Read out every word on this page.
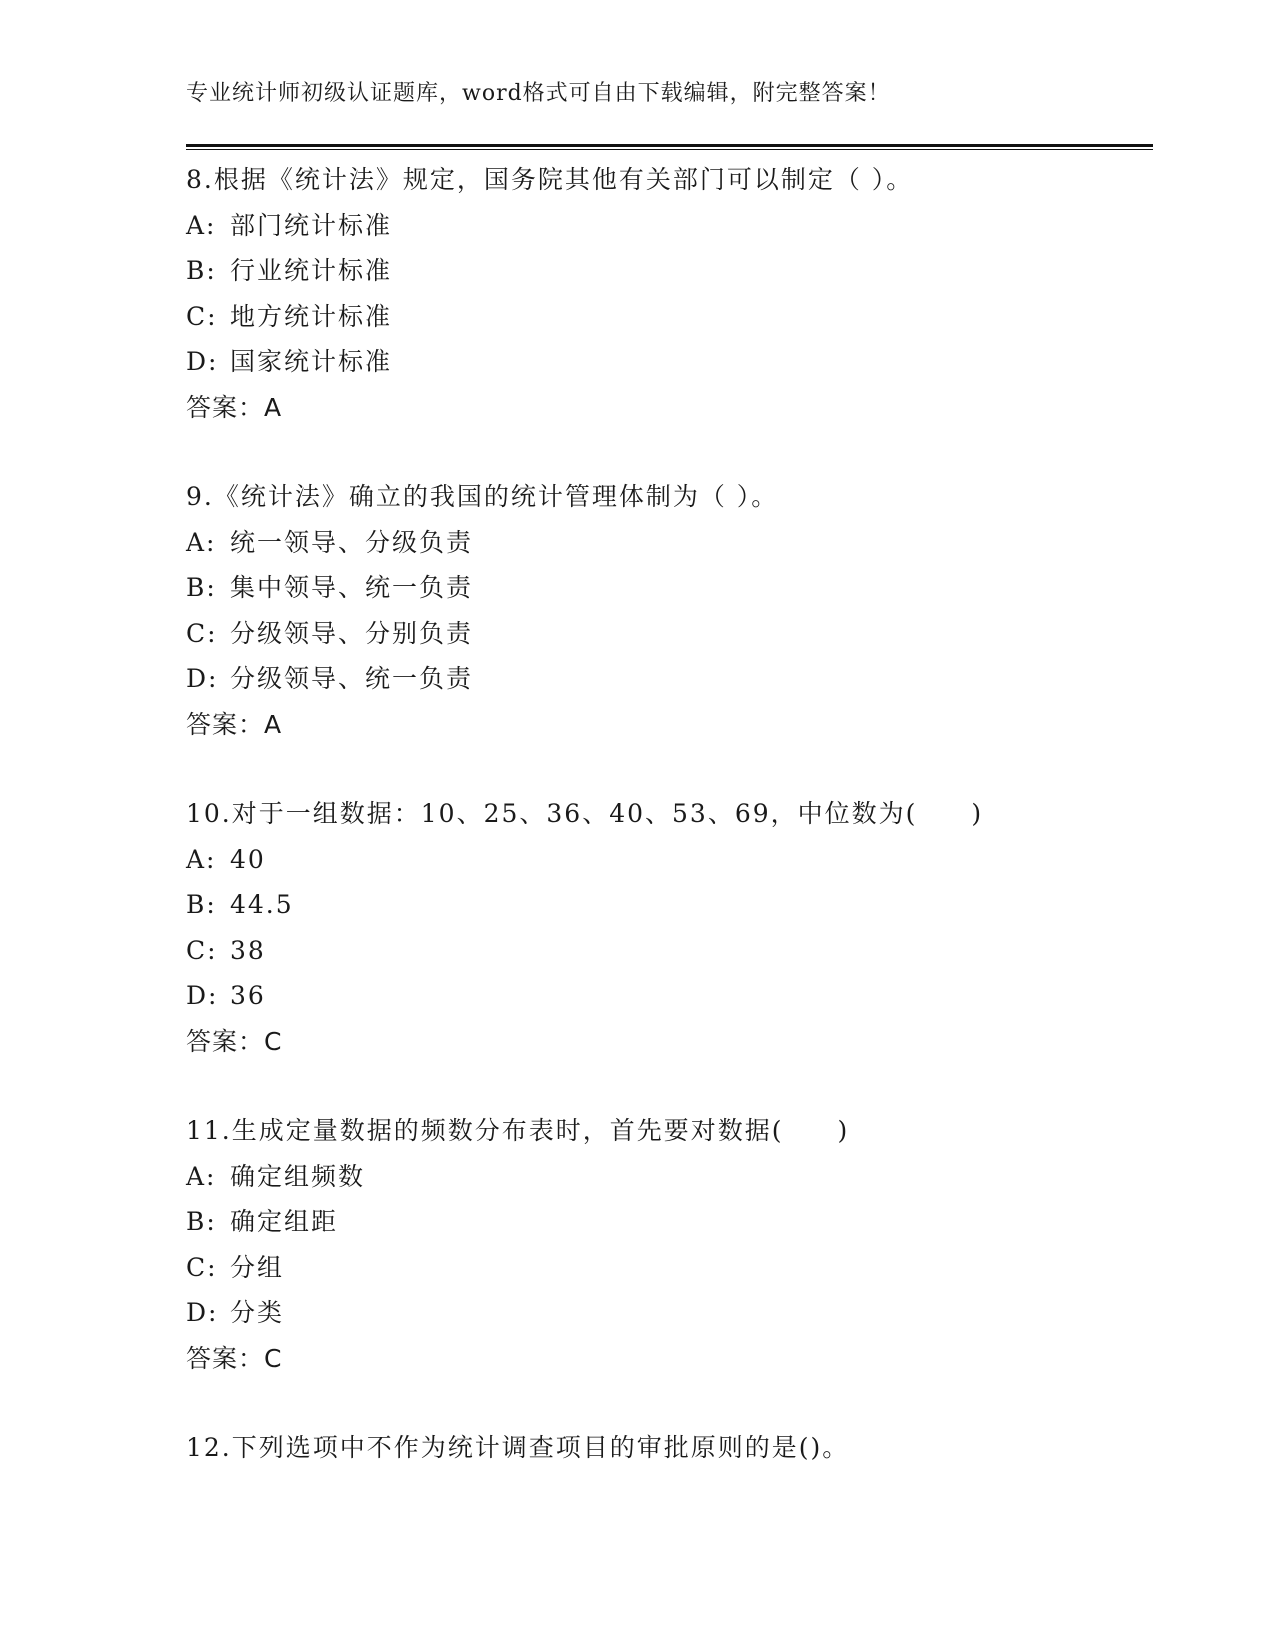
专业统计师初级认证题库，word格式可自由下载编辑，附完整答案！
8.根据《统计法》规定，国务院其他有关部门可以制定（ ）。
A: 部门统计标准
B: 行业统计标准
C: 地方统计标准
D: 国家统计标准
答案：A
9.《统计法》确立的我国的统计管理体制为（ ）。
A: 统一领导、分级负责
B: 集中领导、统一负责
C: 分级领导、分别负责
D: 分级领导、统一负责
答案：A
10.对于一组数据：10、25、36、40、53、69，中位数为(　　)
A: 40
B: 44.5
C: 38
D: 36
答案：C
11.生成定量数据的频数分布表时，首先要对数据(　　)
A: 确定组频数
B: 确定组距
C: 分组
D: 分类
答案：C
12.下列选项中不作为统计调查项目的审批原则的是()。
